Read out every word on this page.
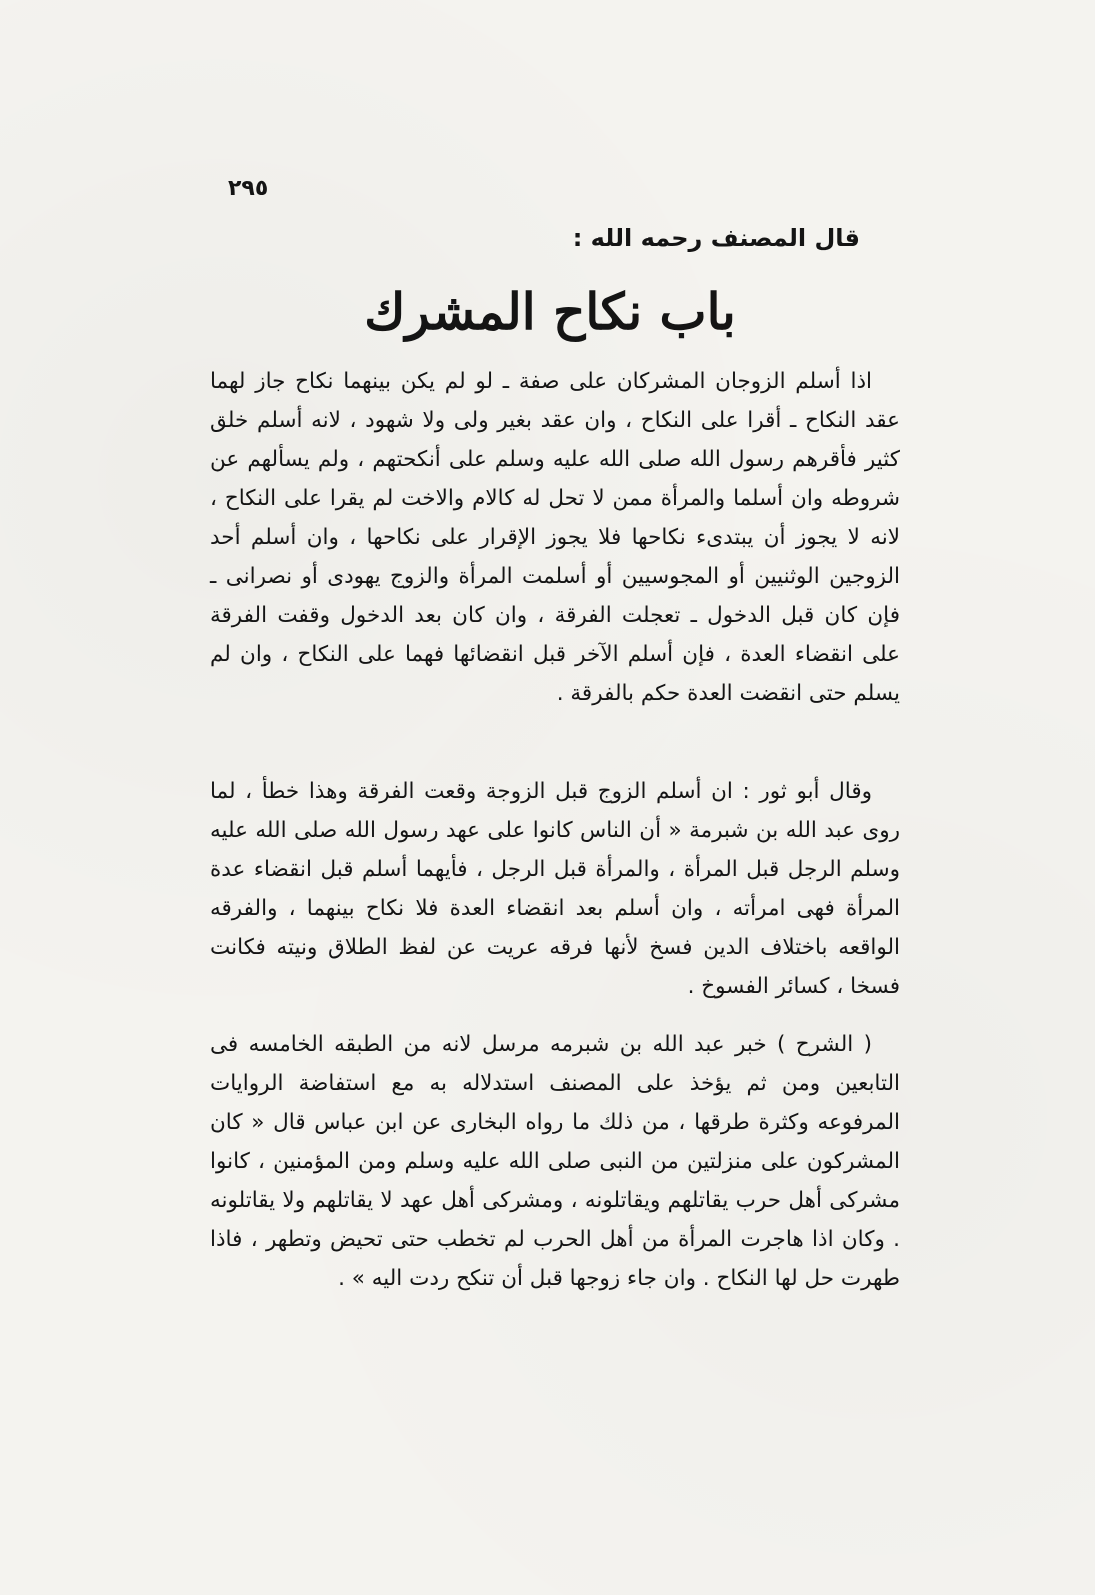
٢٩٥
قال المصنف رحمه الله :
باب نكاح المشرك

اذا أسلم الزوجان المشركان على صفة ـ لو لم يكن بينهما نكاح جاز لهما عقد النكاح ـ أقرا على النكاح ، وان عقد بغير ولى ولا شهود ، لانه أسلم خلق كثير فأقرهم رسول الله صلى الله عليه وسلم على أنكحتهم ، ولم يسألهم عن شروطه وان أسلما والمرأة ممن لا تحل له كالام والاخت لم يقرا على النكاح ، لانه لا يجوز أن يبتدىء نكاحها فلا يجوز الإقرار على نكاحها ، وان أسلم أحد الزوجين الوثنيين أو المجوسيين أو أسلمت المرأة والزوج يهودى أو نصرانى ـ فإن كان قبل الدخول ـ تعجلت الفرقة ، وان كان بعد الدخول وقفت الفرقة على انقضاء العدة ، فإن أسلم الآخر قبل انقضائها فهما على النكاح ، وان لم يسلم حتى انقضت العدة حكم بالفرقة .

وقال أبو ثور : ان أسلم الزوج قبل الزوجة وقعت الفرقة وهذا خطأ ، لما روى عبد الله بن شبرمة « أن الناس كانوا على عهد رسول الله صلى الله عليه وسلم الرجل قبل المرأة ، والمرأة قبل الرجل ، فأيهما أسلم قبل انقضاء عدة المرأة فهى امرأته ، وان أسلم بعد انقضاء العدة فلا نكاح بينهما ، والفرقه الواقعه باختلاف الدين فسخ لأنها فرقه عريت عن لفظ الطلاق ونيته فكانت فسخا ، كسائر الفسوخ .

( الشرح ) خبر عبد الله بن شبرمه مرسل لانه من الطبقه الخامسه فى التابعين ومن ثم يؤخذ على المصنف استدلاله به مع استفاضة الروايات المرفوعه وكثرة طرقها ، من ذلك ما رواه البخارى عن ابن عباس قال « كان المشركون على منزلتين من النبى صلى الله عليه وسلم ومن المؤمنين ، كانوا مشركى أهل حرب يقاتلهم ويقاتلونه ، ومشركى أهل عهد لا يقاتلهم ولا يقاتلونه . وكان اذا هاجرت المرأة من أهل الحرب لم تخطب حتى تحيض وتطهر ، فاذا طهرت حل لها النكاح . وان جاء زوجها قبل أن تنكح ردت اليه » .
